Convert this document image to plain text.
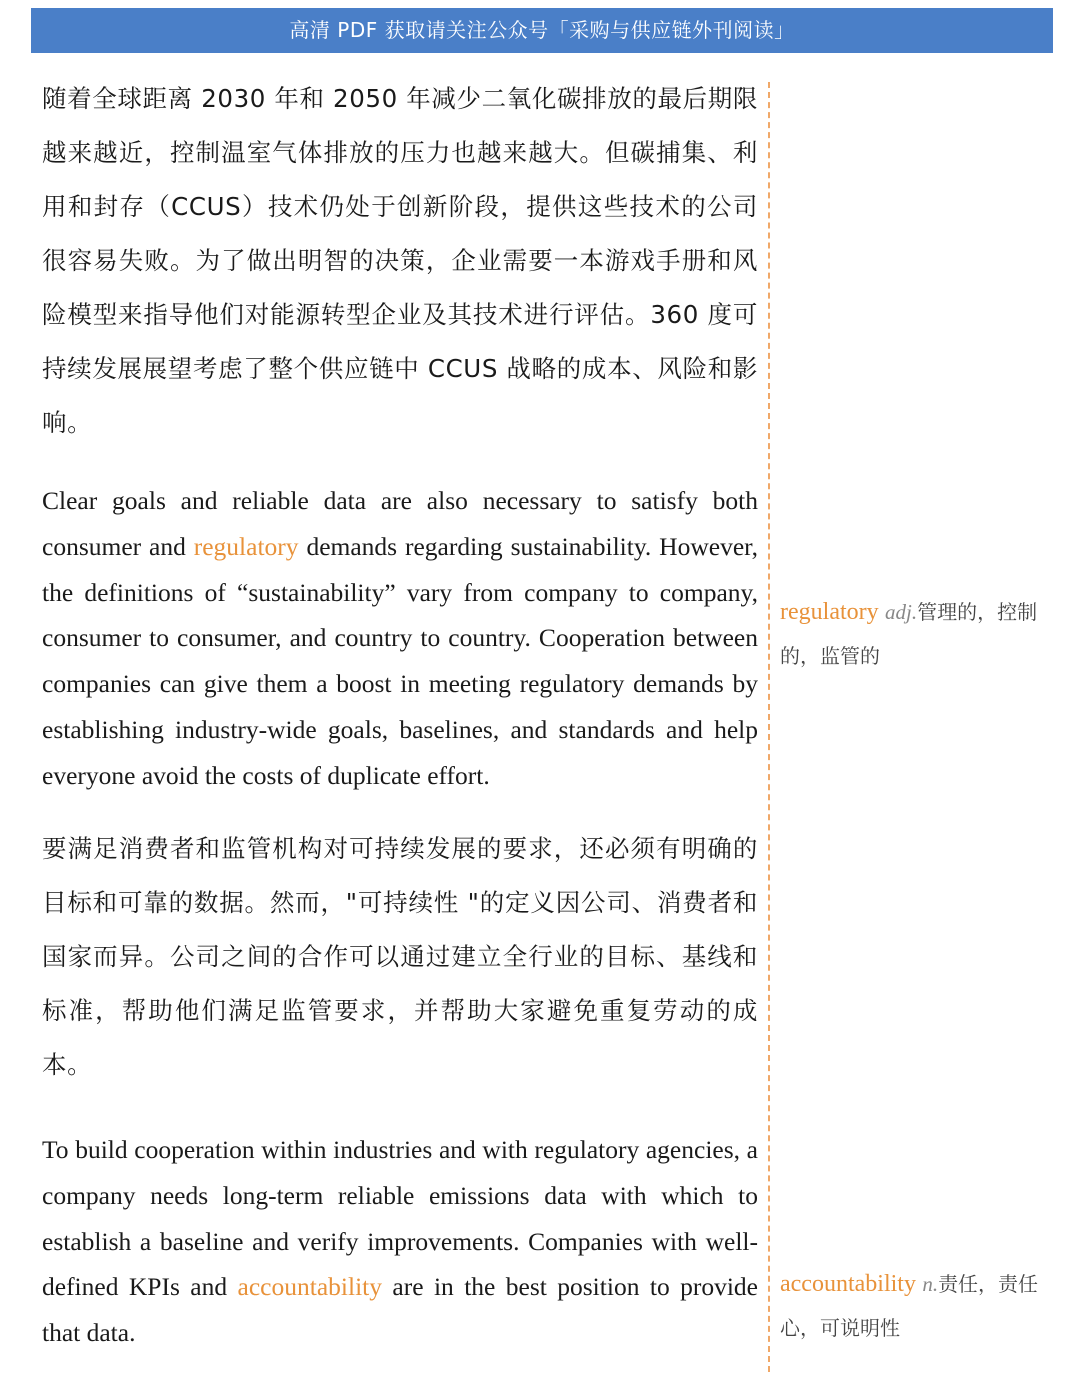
高清 PDF 获取请关注公众号「采购与供应链外刊阅读」

随着全球距离 2030 年和 2050 年减少二氧化碳排放的最后期限越来越近，控制温室气体排放的压力也越来越大。但碳捕集、利用和封存（CCUS）技术仍处于创新阶段，提供这些技术的公司很容易失败。为了做出明智的决策，企业需要一本游戏手册和风险模型来指导他们对能源转型企业及其技术进行评估。360 度可持续发展展望考虑了整个供应链中 CCUS 战略的成本、风险和影响。

Clear goals and reliable data are also necessary to satisfy both consumer and regulatory demands regarding sustainability. However, the definitions of “sustainability” vary from company to company, consumer to consumer, and country to country. Cooperation between companies can give them a boost in meeting regulatory demands by establishing industry-wide goals, baselines, and standards and help everyone avoid the costs of duplicate effort.

要满足消费者和监管机构对可持续发展的要求，还必须有明确的目标和可靠的数据。然而，"可持续性 "的定义因公司、消费者和国家而异。公司之间的合作可以通过建立全行业的目标、基线和标准，帮助他们满足监管要求，并帮助大家避免重复劳动的成本。

To build cooperation within industries and with regulatory agencies, a company needs long-term reliable emissions data with which to establish a baseline and verify improvements. Companies with well-defined KPIs and accountability are in the best position to provide that data.

regulatory adj.管理的，控制的，监管的
accountability n.责任，责任心，可说明性
